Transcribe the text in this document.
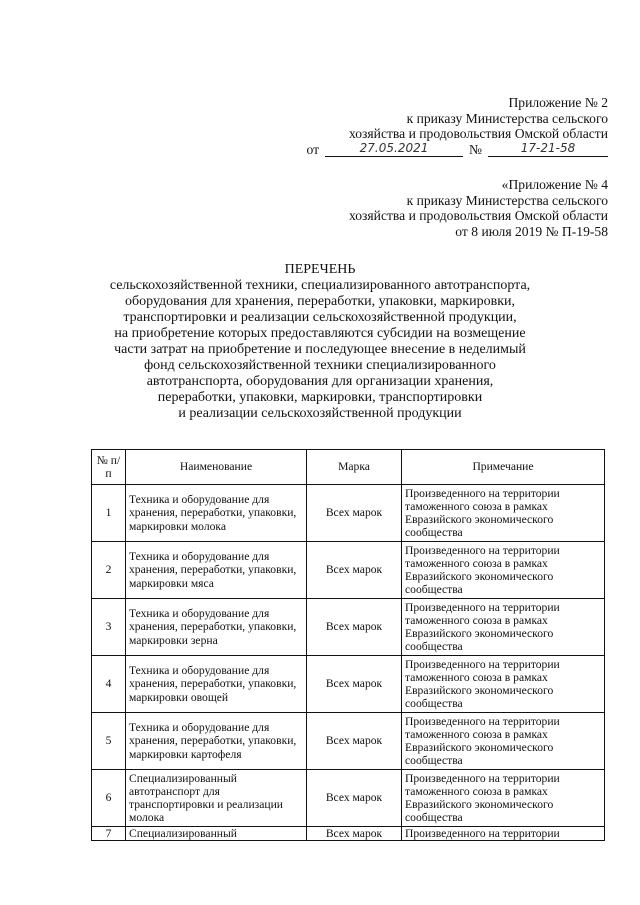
Приложение № 2
к приказу Министерства сельского
хозяйства и продовольствия Омской области
от	27.05.2021	№	17-21-58
«Приложение № 4
к приказу Министерства сельского
хозяйства и продовольствия Омской области
от 8 июля 2019 № П-19-58
ПЕРЕЧЕНЬ
сельскохозяйственной техники, специализированного автотранспорта,
оборудования для хранения, переработки, упаковки, маркировки,
транспортировки и реализации сельскохозяйственной продукции,
на приобретение которых предоставляются субсидии на возмещение
части затрат на приобретение и последующее внесение в неделимый
фонд сельскохозяйственной техники специализированного
автотранспорта, оборудования для организации хранения,
переработки, упаковки, маркировки, транспортировки
и реализации сельскохозяйственной продукции
№ п/п	Наименование	Марка	Примечание
1	Техника и оборудование для хранения, переработки, упаковки, маркировки молока	Всех марок	Произведенного на территории таможенного союза в рамках Евразийского экономического сообщества
2	Техника и оборудование для хранения, переработки, упаковки, маркировки мяса	Всех марок	Произведенного на территории таможенного союза в рамках Евразийского экономического сообщества
3	Техника и оборудование для хранения, переработки, упаковки, маркировки зерна	Всех марок	Произведенного на территории таможенного союза в рамках Евразийского экономического сообщества
4	Техника и оборудование для хранения, переработки, упаковки, маркировки овощей	Всех марок	Произведенного на территории таможенного союза в рамках Евразийского экономического сообщества
5	Техника и оборудование для хранения, переработки, упаковки, маркировки картофеля	Всех марок	Произведенного на территории таможенного союза в рамках Евразийского экономического сообщества
6	Специализированный автотранспорт для транспортировки и реализации молока	Всех марок	Произведенного на территории таможенного союза в рамках Евразийского экономического сообщества
7	Специализированный	Всех марок	Произведенного на территории
